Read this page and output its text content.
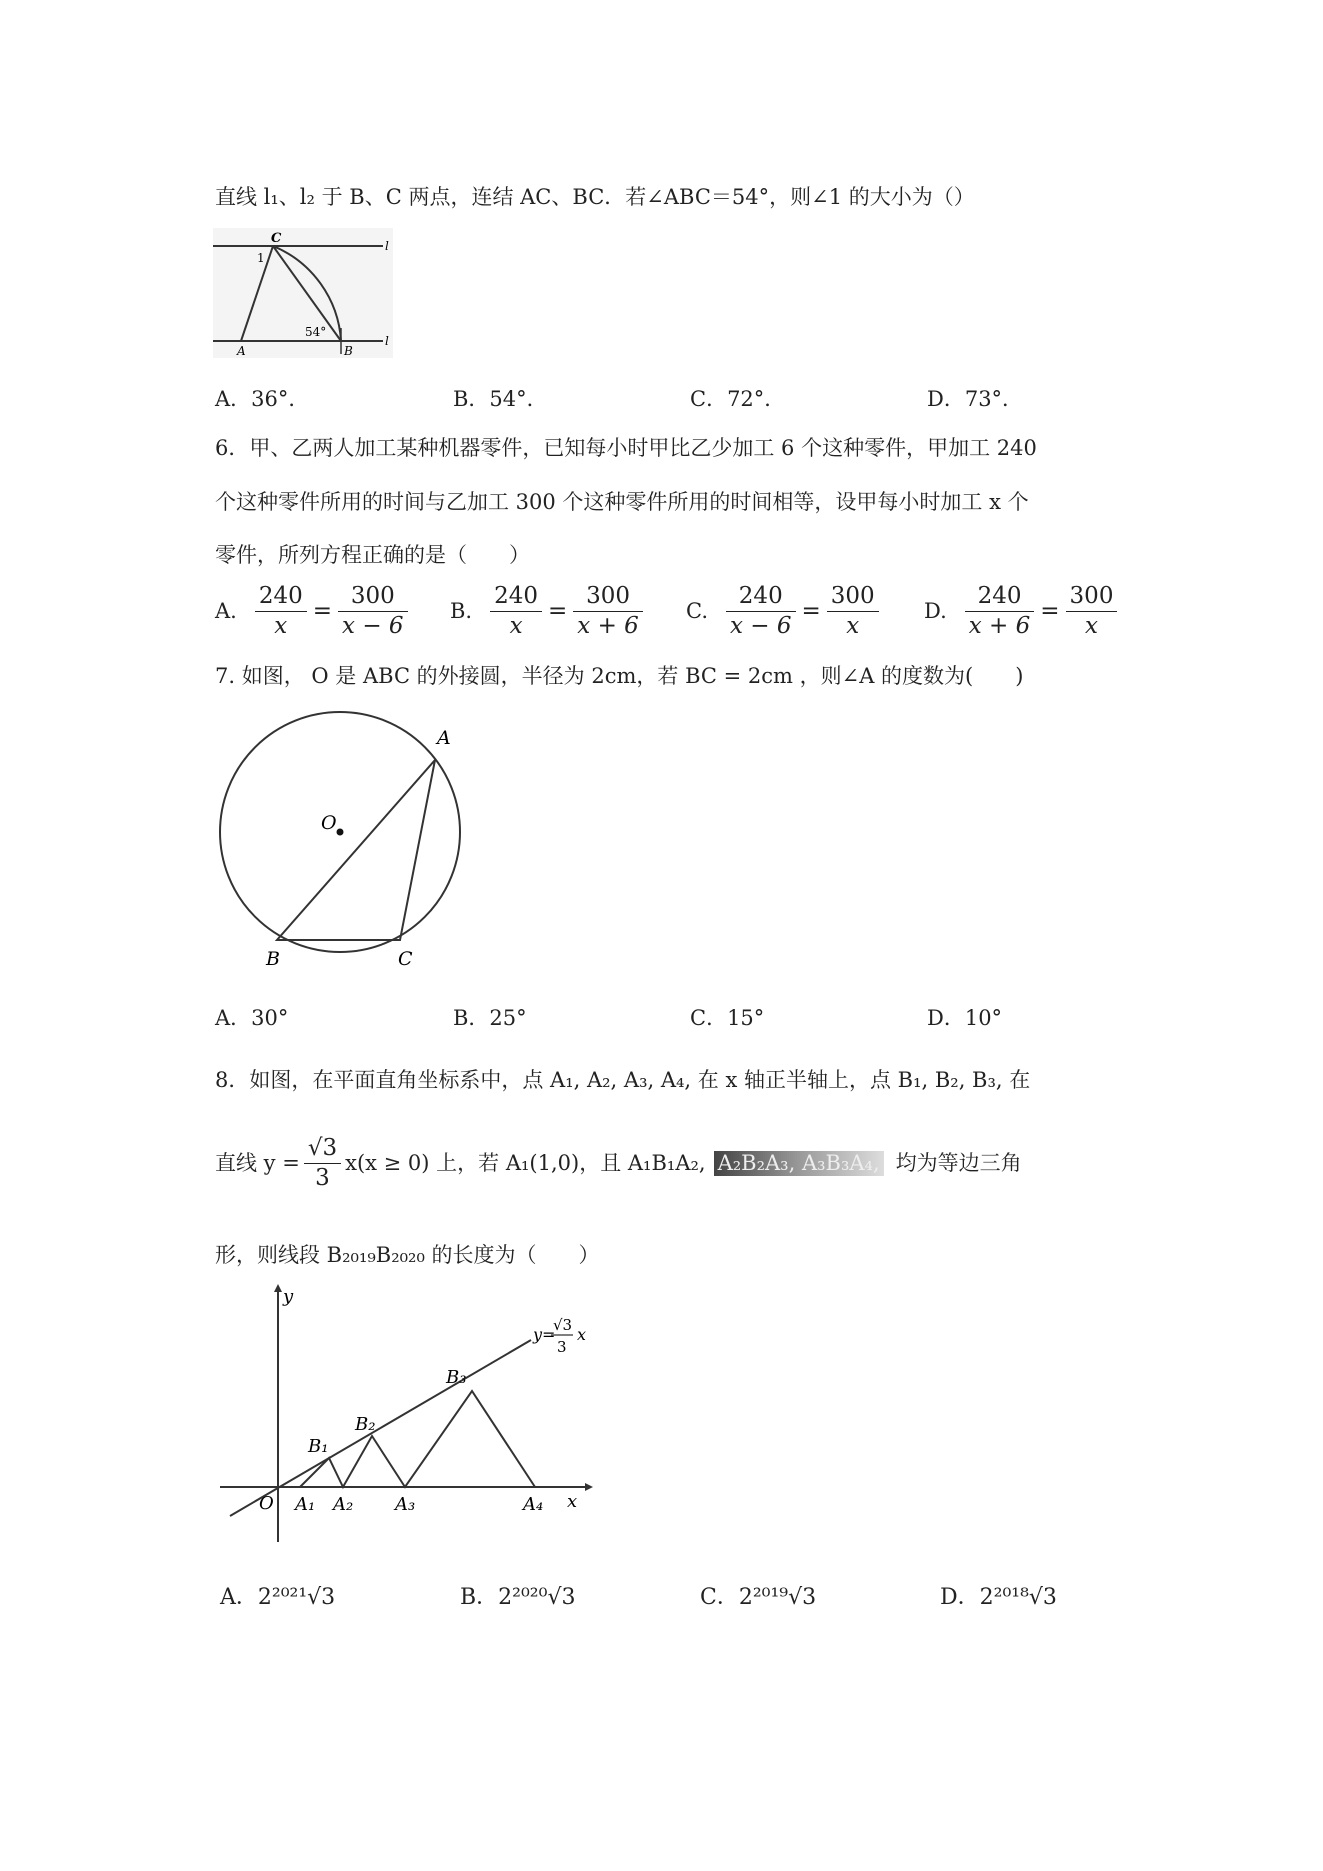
直线 l₁、l₂ 于 B、C 两点，连结 AC、BC．若∠ABC＝54°，则∠1 的大小为（）
C
1
54°
A	B
l
l
A．36°．	B．54°．	C．72°．	D．73°．
6．甲、乙两人加工某种机器零件，已知每小时甲比乙少加工 6 个这种零件，甲加工 240
个这种零件所用的时间与乙加工 300 个这种零件所用的时间相等，设甲每小时加工 x 个
零件，所列方程正确的是（　　）
A. $\frac{240}{x} = \frac{300}{x - 6} B$. $\frac{240}{x} = \frac{300}{x + 6} C$. $\frac{240}{x - 6} = \frac{300}{x} D$. $\frac{240}{x + 6} = \frac{300}{x}$
7. 如图， O 是 ABC 的外接圆，半径为 2cm，若 BC = 2cm ，则∠A 的度数为(　　)
O
A
B	C
A．30°	B．25°	C．15°	D．10°
8．如图，在平面直角坐标系中，点 A₁, A₂, A₃, A₄, 在 x 轴正半轴上，点 B₁, B₂, B₃, 在
直线 $y = \frac{√3}{3} x(x \ge 0)$ 上，若 A₁(1,0)，且 A₁B₁A₂, A₂B₂A₃, A₃B₃A₄, 均为等边三角
形，则线段 B₂₀₁₉B₂₀₂₀ 的长度为（　　）
y
x
O A₁ A₂ A₃	A₄
B₁
B₂
B₃
y=
√3
3
x
A．2²⁰²¹√3	B．2²⁰²⁰√3	C．2²⁰¹⁹√3	D．2²⁰¹⁸√3
